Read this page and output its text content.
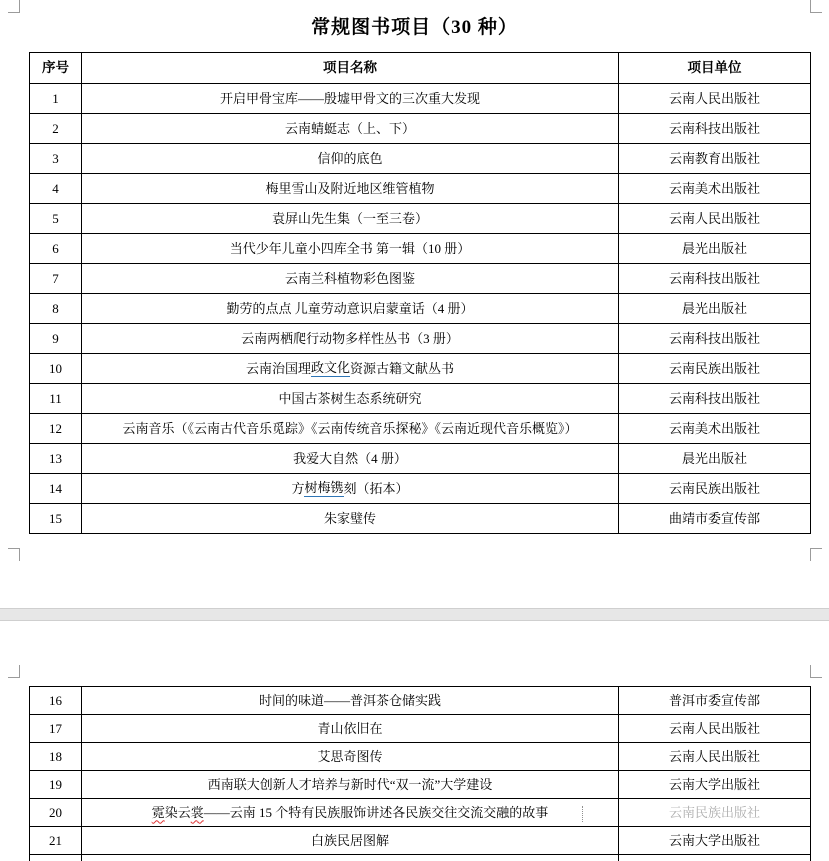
常规图书项目（30 种）
序号	项目名称	项目单位
1	开启甲骨宝库——殷墟甲骨文的三次重大发现	云南人民出版社
2	云南蜻蜓志（上、下）	云南科技出版社
3	信仰的底色	云南教育出版社
4	梅里雪山及附近地区维管植物	云南美术出版社
5	袁屏山先生集（一至三卷）	云南人民出版社
6	当代少年儿童小四库全书 第一辑（10 册）	晨光出版社
7	云南兰科植物彩色图鉴	云南科技出版社
8	勤劳的点点 儿童劳动意识启蒙童话（4 册）	晨光出版社
9	云南两栖爬行动物多样性丛书（3 册）	云南科技出版社
10	云南治国理 政文化 资源古籍文献丛书	云南民族出版社
11	中国古茶树生态系统研究	云南科技出版社
12	云南音乐（《云南古代音乐觅踪》《云南传统音乐探秘》《云南近现代音乐概览》）	云南美术出版社
13	我爱大自然（4 册）	晨光出版社
14	方 树梅镌 刻（拓本）	云南民族出版社
15	朱家璧传	曲靖市委宣传部
16	时间的味道——普洱茶仓储实践	普洱市委宣传部
17	青山依旧在	云南人民出版社
18	艾思奇图传	云南人民出版社
19	西南联大创新人才培养与新时代“双一流”大学建设	云南大学出版社
20	霓 染云 裳 ——云南 15 个特有民族服饰讲述各民族交往交流交融的故事	云南民族出版社
21	白族民居图解	云南大学出版社
